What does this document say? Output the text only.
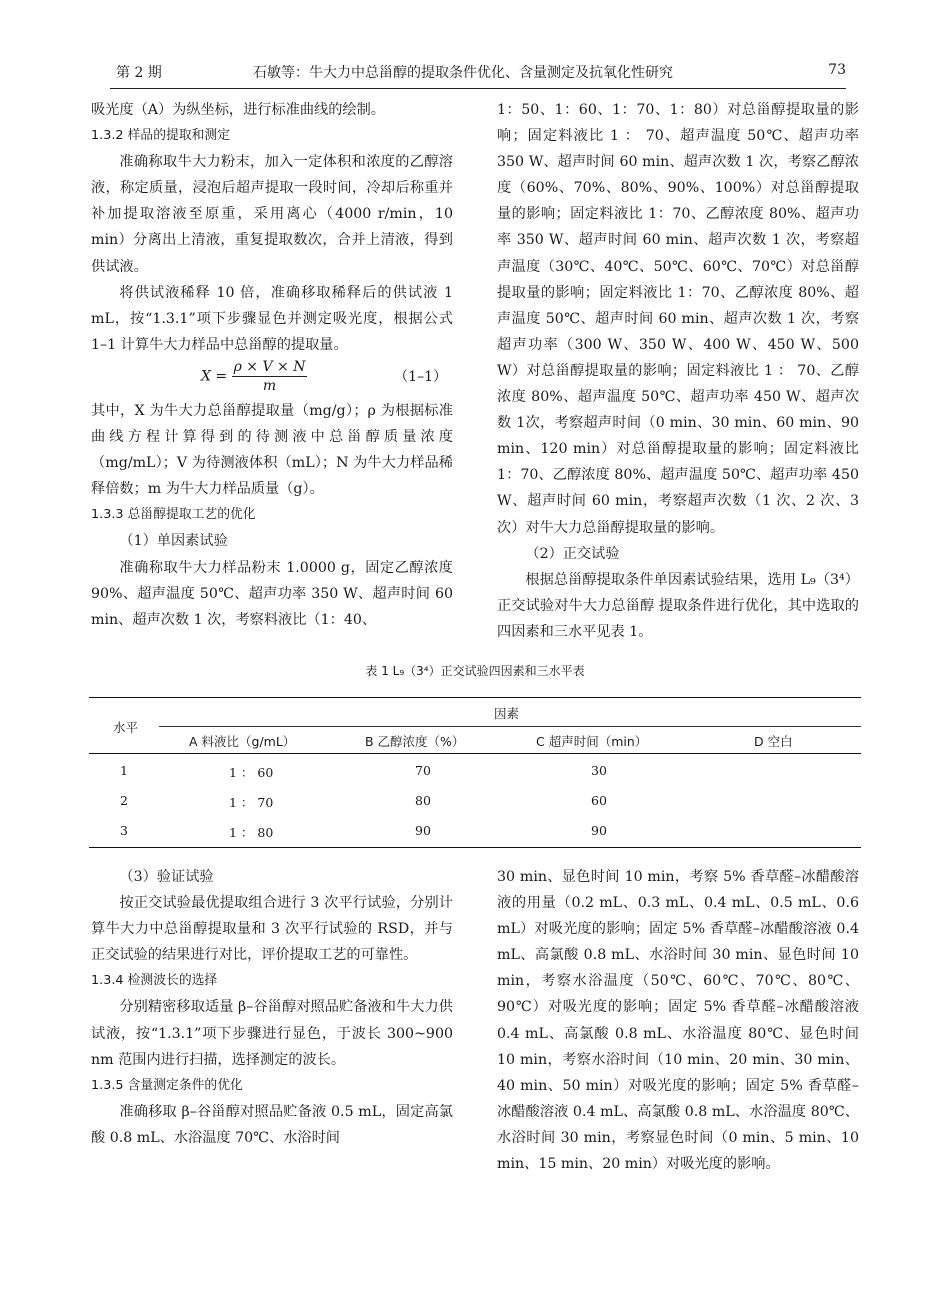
第 2 期	石敏等：牛大力中总甾醇的提取条件优化、含量测定及抗氧化性研究	73

吸光度（A）为纵坐标，进行标准曲线的绘制。

1.3.2 样品的提取和测定

准确称取牛大力粉末，加入一定体积和浓度的乙醇溶液，称定质量，浸泡后超声提取一段时间，冷却后称重并补加提取溶液至原重，采用离心（4000 r/min，10 min）分离出上清液，重复提取数次，合并上清液，得到供试液。

将供试液稀释 10 倍，准确移取稀释后的供试液 1 mL，按“1.3.1”项下步骤显色并测定吸光度，根据公式 1–1 计算牛大力样品中总甾醇的提取量。

$X = \frac{\rho \times V \times N}{m}$	（1–1）

其中，X 为牛大力总甾醇提取量（mg/g）；ρ 为根据标准曲线方程计算得到的待测液中总甾醇质量浓度（mg/mL）；V 为待测液体积（mL）；N 为牛大力样品稀释倍数；m 为牛大力样品质量（g）。

1.3.3 总甾醇提取工艺的优化

（1）单因素试验

准确称取牛大力样品粉末 1.0000 g，固定乙醇浓度 90%、超声温度 50℃、超声功率 350 W、超声时间 60 min、超声次数 1 次，考察料液比（1：40、

1：50、1：60、1：70、1：80）对总甾醇提取量的影响；固定料液比 1 ： 70、超声温度 50℃、超声功率 350 W、超声时间 60 min、超声次数 1 次，考察乙醇浓度（60%、70%、80%、90%、100%）对总甾醇提取量的影响；固定料液比 1：70、乙醇浓度 80%、超声功率 350 W、超声时间 60 min、超声次数 1 次，考察超声温度（30℃、40℃、50℃、60℃、70℃）对总甾醇提取量的影响；固定料液比 1：70、乙醇浓度 80%、超声温度 50℃、超声时间 60 min、超声次数 1 次，考察超声功率（300 W、350 W、400 W、450 W、500 W）对总甾醇提取量的影响；固定料液比 1 ： 70、乙醇浓度 80%、超声温度 50℃、超声功率 450 W、超声次数 1次，考察超声时间（0 min、30 min、60 min、90 min、120 min）对总甾醇提取量的影响；固定料液比 1：70、乙醇浓度 80%、超声温度 50℃、超声功率 450 W、超声时间 60 min，考察超声次数（1 次、2 次、3 次）对牛大力总甾醇提取量的影响。

（2）正交试验

根据总甾醇提取条件单因素试验结果，选用 L₉（3⁴）正交试验对牛大力总甾醇 提取条件进行优化，其中选取的四因素和三水平见表 1。

表 1 L₉（3⁴）正交试验四因素和三水平表
水平
因素
A 料液比（g/mL）	B 乙醇浓度（%）	C 超声时间（min）	D 空白
1	1 ： 60	70	30
2	1 ： 70	80	60
3	1 ： 80	90	90

（3）验证试验

按正交试验最优提取组合进行 3 次平行试验，分别计算牛大力中总甾醇提取量和 3 次平行试验的 RSD，并与正交试验的结果进行对比，评价提取工艺的可靠性。

1.3.4 检测波长的选择

分别精密移取适量 β–谷甾醇对照品贮备液和牛大力供试液，按“1.3.1”项下步骤进行显色，于波长 300~900 nm 范围内进行扫描，选择测定的波长。

1.3.5 含量测定条件的优化

准确移取 β–谷甾醇对照品贮备液 0.5 mL，固定高氯酸 0.8 mL、水浴温度 70℃、水浴时间

30 min、显色时间 10 min，考察 5% 香草醛–冰醋酸溶液的用量（0.2 mL、0.3 mL、0.4 mL、0.5 mL、0.6 mL）对吸光度的影响；固定 5% 香草醛–冰醋酸溶液 0.4 mL、高氯酸 0.8 mL、水浴时间 30 min、显色时间 10 min，考察水浴温度（50℃、60℃、70℃、80℃、90℃）对吸光度的影响；固定 5% 香草醛–冰醋酸溶液 0.4 mL、高氯酸 0.8 mL、水浴温度 80℃、显色时间 10 min，考察水浴时间（10 min、20 min、30 min、40 min、50 min）对吸光度的影响；固定 5% 香草醛–冰醋酸溶液 0.4 mL、高氯酸 0.8 mL、水浴温度 80℃、水浴时间 30 min，考察显色时间（0 min、5 min、10 min、15 min、20 min）对吸光度的影响。
